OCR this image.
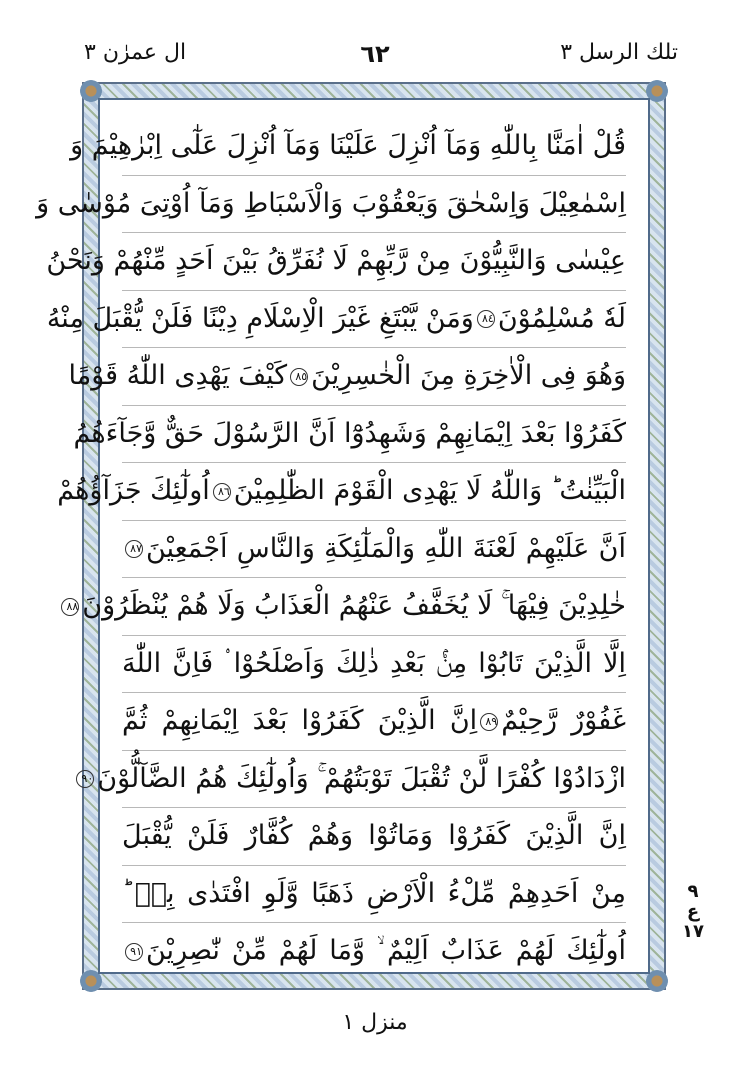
تلك الرسل ٣
٦٢
ال عمرٰن ٣
قُلْ اٰمَنَّا بِاللّٰهِ وَمَآ اُنْزِلَ عَلَيْنَا وَمَآ اُنْزِلَ عَلٰٓى اِبْرٰهِيْمَ وَ
اِسْمٰعِيْلَ وَاِسْحٰقَ وَيَعْقُوْبَ وَالْاَسْبَاطِ وَمَآ اُوْتِىَ مُوْسٰى وَ
عِيْسٰى وَالنَّبِيُّوْنَ مِنْ رَّبِّهِمْ لَا نُفَرِّقُ بَيْنَ اَحَدٍ مِّنْهُمْ وَنَحْنُ
لَهٗ مُسْلِمُوْنَ٨٤وَمَنْ يَّبْتَغِ غَيْرَ الْاِسْلَامِ دِيْنًا فَلَنْ يُّقْبَلَ مِنْهُ
وَهُوَ فِى الْاٰخِرَةِ مِنَ الْخٰسِرِيْنَ٨٥كَيْفَ يَهْدِى اللّٰهُ قَوْمًا
كَفَرُوْا بَعْدَ اِيْمَانِهِمْ وَشَهِدُوْٓا اَنَّ الرَّسُوْلَ حَقٌّ وَّجَآءَهُمُ
الْبَيِّنٰتُ ؕ وَاللّٰهُ لَا يَهْدِى الْقَوْمَ الظّٰلِمِيْنَ٨٦اُولٰٓئِكَ جَزَآؤُهُمْ
اَنَّ عَلَيْهِمْ لَعْنَةَ اللّٰهِ وَالْمَلٰٓئِكَةِ وَالنَّاسِ اَجْمَعِيْنَ٨٧
خٰلِدِيْنَ فِيْهَا ۚ لَا يُخَفَّفُ عَنْهُمُ الْعَذَابُ وَلَا هُمْ يُنْظَرُوْنَ٨٨
اِلَّا الَّذِيْنَ تَابُوْا مِنْۢ بَعْدِ ذٰلِكَ وَاَصْلَحُوْا ۟ فَاِنَّ اللّٰهَ
غَفُوْرٌ رَّحِيْمٌ٨٩اِنَّ الَّذِيْنَ كَفَرُوْا بَعْدَ اِيْمَانِهِمْ ثُمَّ
ازْدَادُوْا كُفْرًا لَّنْ تُقْبَلَ تَوْبَتُهُمْ ۚ وَاُولٰٓئِكَ هُمُ الضَّآلُّوْنَ٩٠
اِنَّ الَّذِيْنَ كَفَرُوْا وَمَاتُوْا وَهُمْ كُفَّارٌ فَلَنْ يُّقْبَلَ
مِنْ اَحَدِهِمْ مِّلْءُ الْاَرْضِ ذَهَبًا وَّلَوِ افْتَدٰى بِهٖ ؕ
اُولٰٓئِكَ لَهُمْ عَذَابٌ اَلِيْمٌ ۙ وَّمَا لَهُمْ مِّنْ نّٰصِرِيْنَ٩١
٩
ع
١٧
منزل ۱
